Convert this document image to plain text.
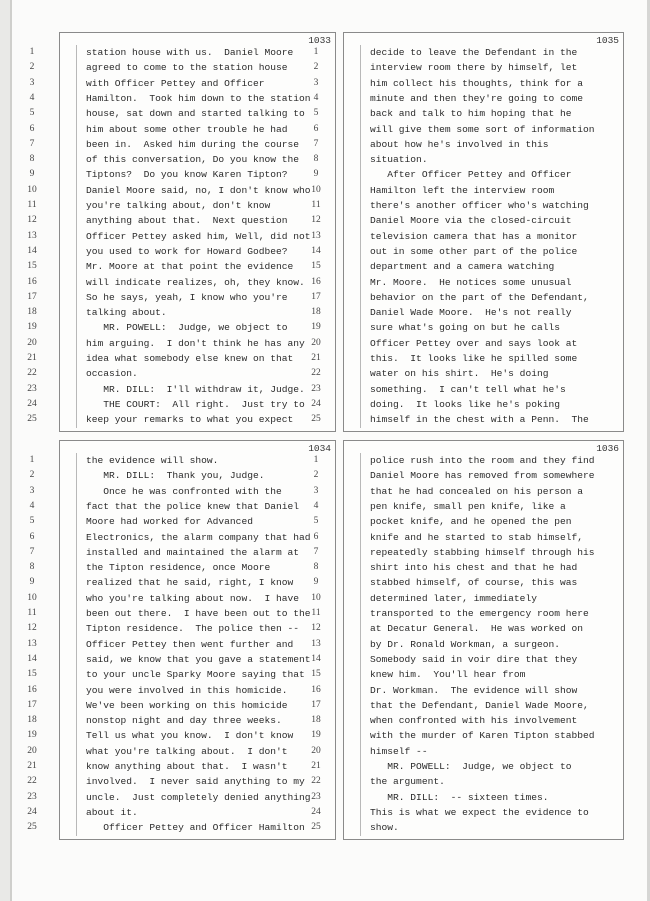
1033
1	station house with us.  Daniel Moore
2	agreed to come to the station house
3	with Officer Pettey and Officer
4	Hamilton.  Took him down to the station
5	house, sat down and started talking to
6	him about some other trouble he had
7	been in.  Asked him during the course
8	of this conversation, Do you know the
9	Tiptons?  Do you know Karen Tipton?
10	Daniel Moore said, no, I don't know who
11	you're talking about, don't know
12	anything about that.  Next question
13	Officer Pettey asked him, Well, did not
14	you used to work for Howard Godbee?
15	Mr. Moore at that point the evidence
16	will indicate realizes, oh, they know.
17	So he says, yeah, I know who you're
18	talking about.
19	MR. POWELL:  Judge, we object to
20	him arguing.  I don't think he has any
21	idea what somebody else knew on that
22	occasion.
23	MR. DILL:  I'll withdraw it, Judge.
24	THE COURT:  All right.  Just try to
25	keep your remarks to what you expect
1035
1	decide to leave the Defendant in the
2	interview room there by himself, let
3	him collect his thoughts, think for a
4	minute and then they're going to come
5	back and talk to him hoping that he
6	will give them some sort of information
7	about how he's involved in this
8	situation.
9	After Officer Pettey and Officer
10	Hamilton left the interview room
11	there's another officer who's watching
12	Daniel Moore via the closed-circuit
13	television camera that has a monitor
14	out in some other part of the police
15	department and a camera watching
16	Mr. Moore.  He notices some unusual
17	behavior on the part of the Defendant,
18	Daniel Wade Moore.  He's not really
19	sure what's going on but he calls
20	Officer Pettey over and says look at
21	this.  It looks like he spilled some
22	water on his shirt.  He's doing
23	something.  I can't tell what he's
24	doing.  It looks like he's poking
25	himself in the chest with a Penn.  The
1034
1	the evidence will show.
2	MR. DILL:  Thank you, Judge.
3	Once he was confronted with the
4	fact that the police knew that Daniel
5	Moore had worked for Advanced
6	Electronics, the alarm company that had
7	installed and maintained the alarm at
8	the Tipton residence, once Moore
9	realized that he said, right, I know
10	who you're talking about now.  I have
11	been out there.  I have been out to the
12	Tipton residence.  The police then --
13	Officer Pettey then went further and
14	said, we know that you gave a statement
15	to your uncle Sparky Moore saying that
16	you were involved in this homicide.
17	We've been working on this homicide
18	nonstop night and day three weeks.
19	Tell us what you know.  I don't know
20	what you're talking about.  I don't
21	know anything about that.  I wasn't
22	involved.  I never said anything to my
23	uncle.  Just completely denied anything
24	about it.
25	Officer Pettey and Officer Hamilton
1036
1	police rush into the room and they find
2	Daniel Moore has removed from somewhere
3	that he had concealed on his person a
4	pen knife, small pen knife, like a
5	pocket knife, and he opened the pen
6	knife and he started to stab himself,
7	repeatedly stabbing himself through his
8	shirt into his chest and that he had
9	stabbed himself, of course, this was
10	determined later, immediately
11	transported to the emergency room here
12	at Decatur General.  He was worked on
13	by Dr. Ronald Workman, a surgeon.
14	Somebody said in voir dire that they
15	knew him.  You'll hear from
16	Dr. Workman.  The evidence will show
17	that the Defendant, Daniel Wade Moore,
18	when confronted with his involvement
19	with the murder of Karen Tipton stabbed
20	himself --
21	MR. POWELL:  Judge, we object to
22	the argument.
23	MR. DILL:  -- sixteen times.
24	This is what we expect the evidence to
25	show.
